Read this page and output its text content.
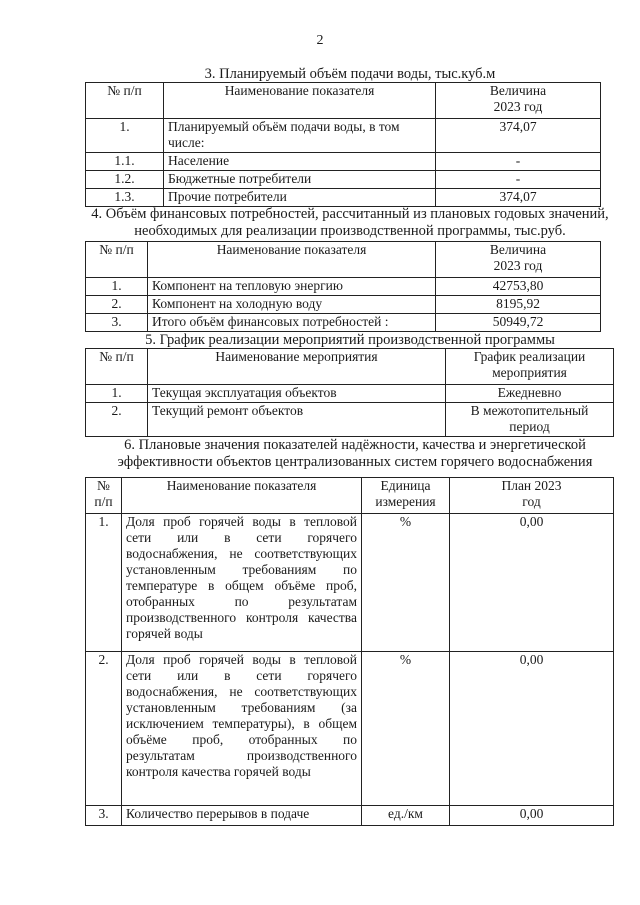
2
3. Планируемый объём подачи воды, тыс.куб.м
№ п/п	Наименование показателя	Величина 2023 год
1.	Планируемый объём подачи воды, в том числе:	374,07
1.1.	Население	-
1.2.	Бюджетные потребители	-
1.3.	Прочие потребители	374,07
4. Объём финансовых потребностей, рассчитанный из плановых годовых значений, необходимых для реализации производственной программы, тыс.руб.
№ п/п	Наименование показателя	Величина 2023 год
1.	Компонент на тепловую энергию	42753,80
2.	Компонент на холодную воду	8195,92
3.	Итого объём финансовых потребностей :	50949,72
5. График реализации мероприятий производственной программы
№ п/п	Наименование мероприятия	График реализации мероприятия
1.	Текущая эксплуатация объектов	Ежедневно
2.	Текущий ремонт объектов	В межотопительный период
6. Плановые значения показателей надёжности, качества и энергетической эффективности объектов централизованных систем горячего водоснабжения
№ п/п	Наименование показателя	Единица измерения	План 2023 год
1.	Доля проб горячей воды в тепловой сети или в сети горячего водоснабжения, не соответствующих установленным требованиям по температуре в общем объёме проб, отобранных по результатам производственного контроля качества горячей воды	%	0,00
2.	Доля проб горячей воды в тепловой сети или в сети горячего водоснабжения, не соответствующих установленным требованиям (за исключением температуры), в общем объёме проб, отобранных по результатам производственного контроля качества горячей воды	%	0,00
3.	Количество перерывов в подаче	ед./км	0,00
